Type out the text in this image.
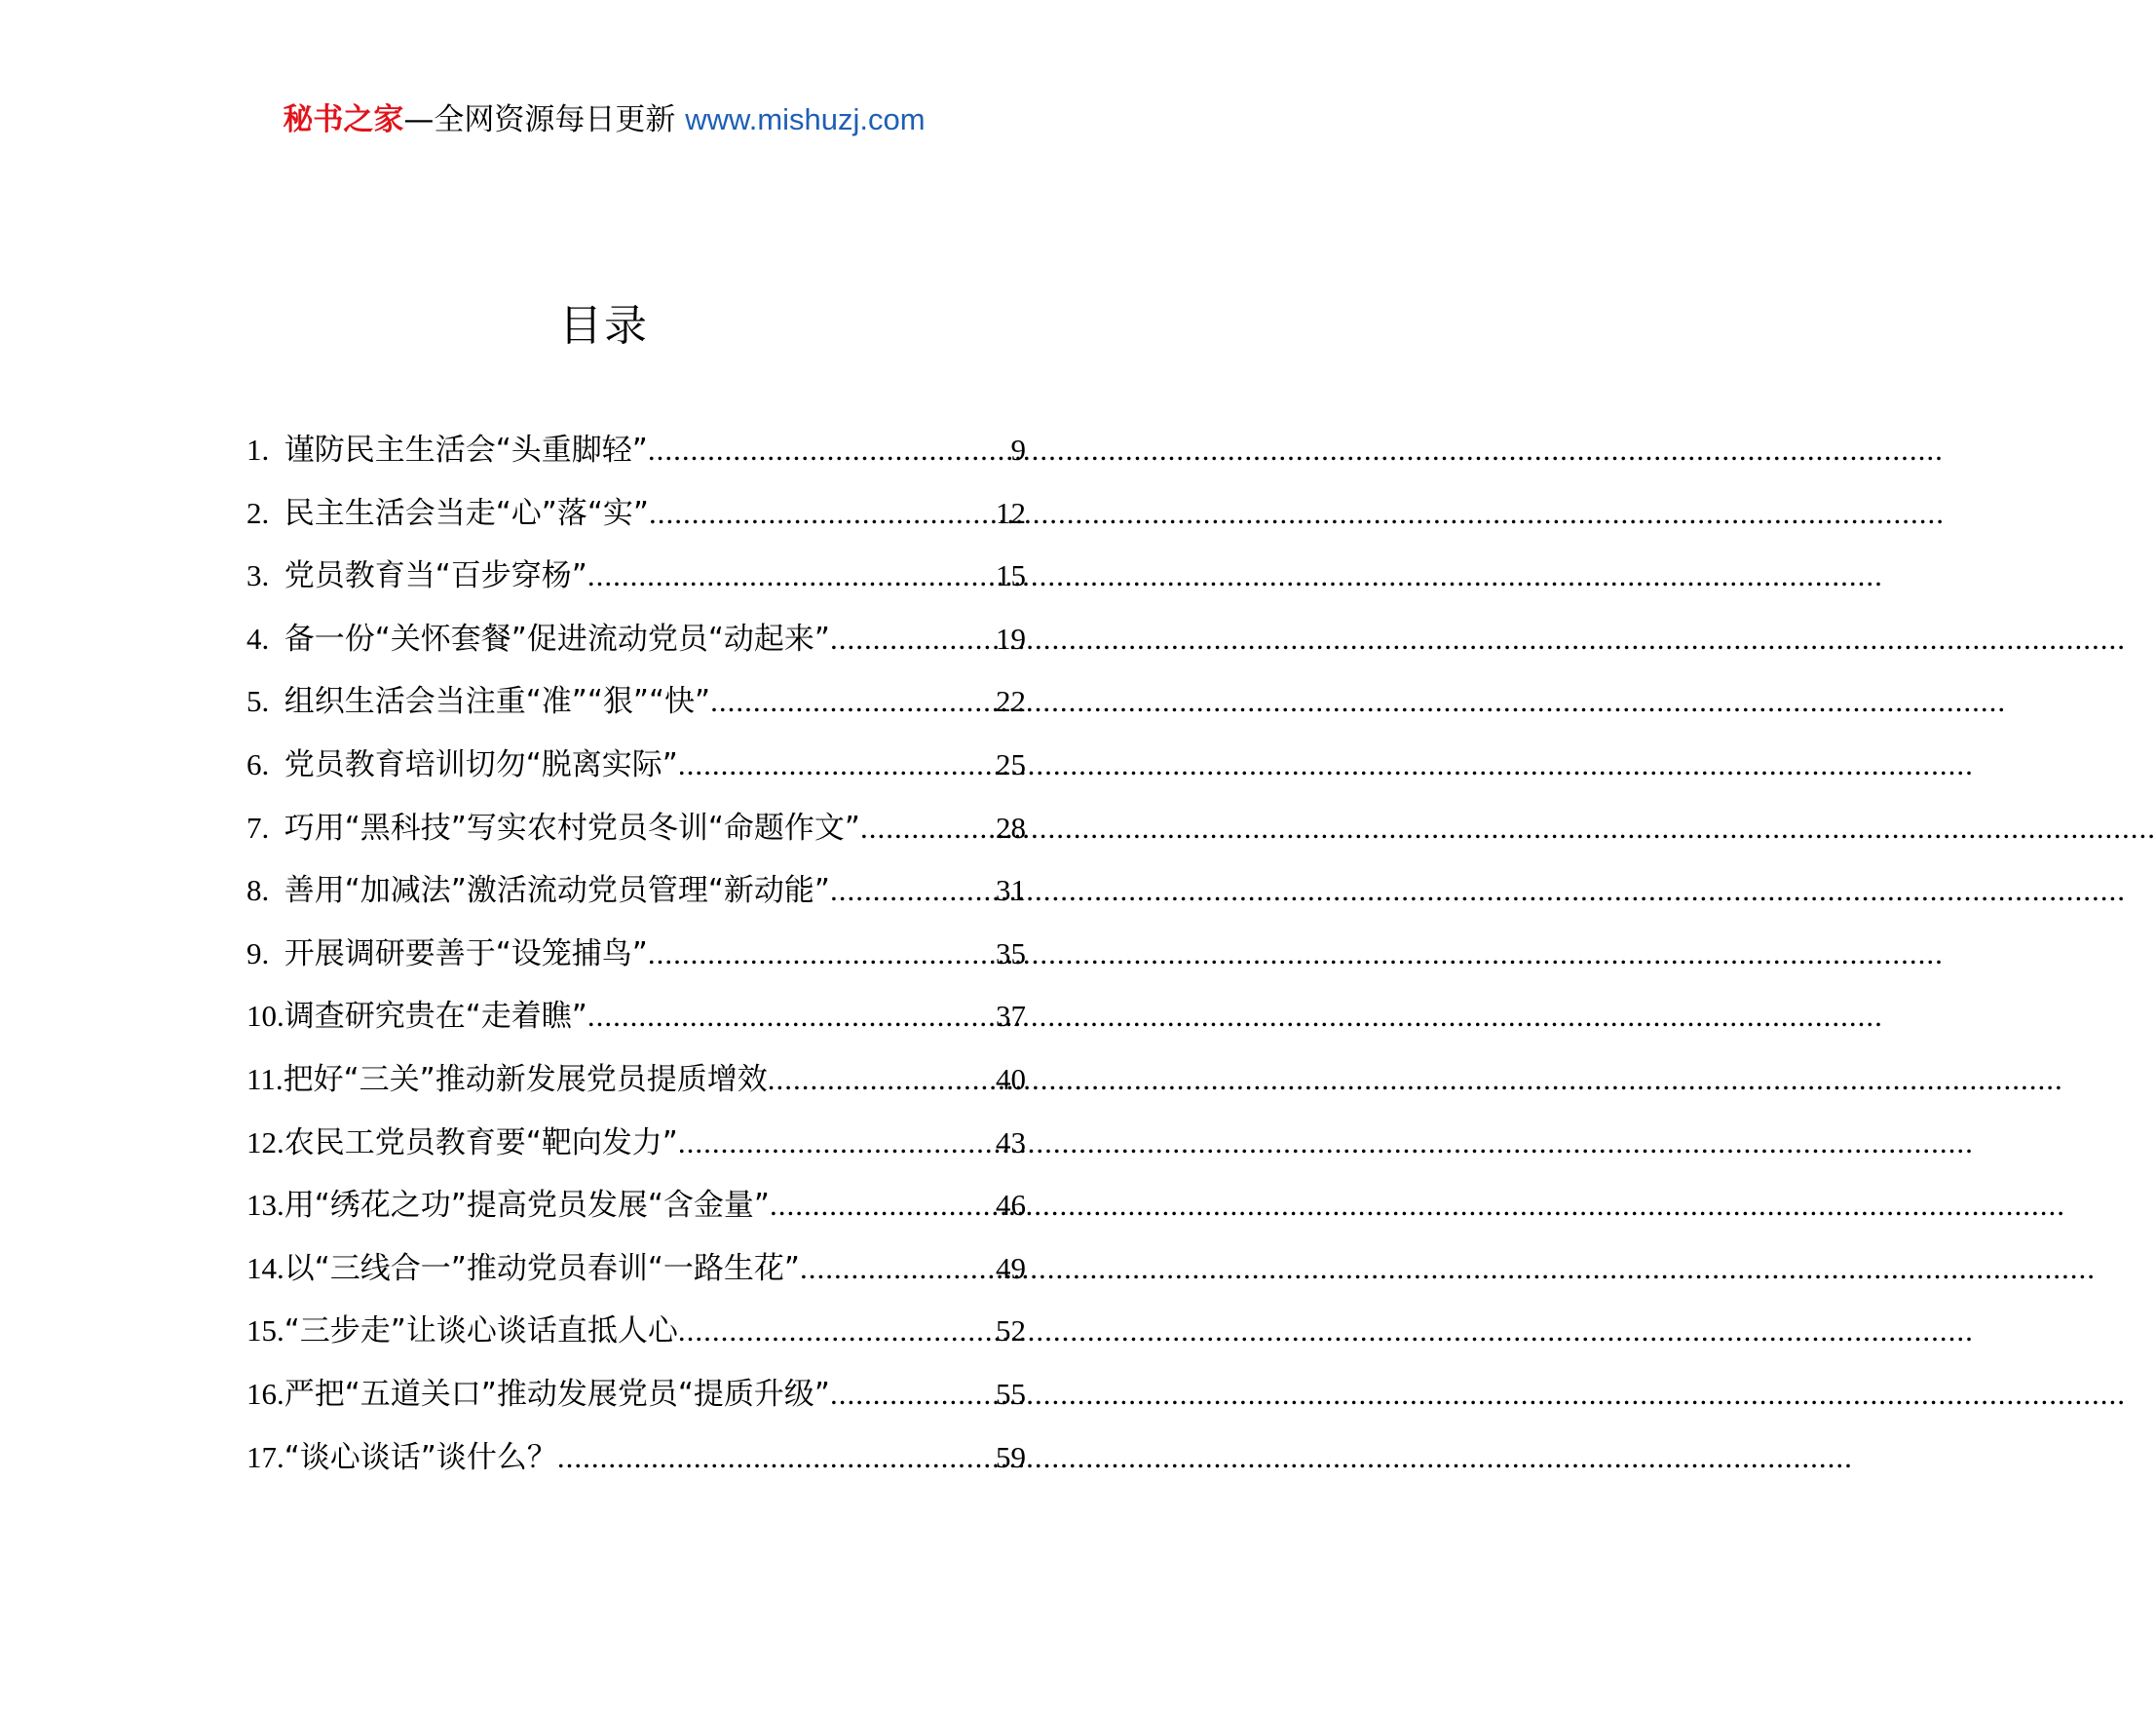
秘书之家—全网资源每日更新 www.mishuzj.com
目录
1. 谨防民主生活会“头重脚轻” .....	9
2. 民主生活会当走“心”落“实” .....	12
3. 党员教育当“百步穿杨” .....	15
4. 备一份“关怀套餐”促进流动党员“动起来” .....	19
5. 组织生活会当注重“准”“狠”“快” .....	22
6. 党员教育培训切勿“脱离实际” .....	25
7. 巧用“黑科技”写实农村党员冬训“命题作文” .....	28
8. 善用“加减法”激活流动党员管理“新动能” .....	31
9. 开展调研要善于“设笼捕鸟” .....	35
10. 调查研究贵在“走着瞧” .....	37
11. 把好“三关”推动新发展党员提质增效 .....	40
12. 农民工党员教育要“靶向发力” .....	43
13. 用“绣花之功”提高党员发展“含金量” .....	46
14. 以“三线合一”推动党员春训“一路生花” .....	49
15. “三步走”让谈心谈话直抵人心 .....	52
16. 严把“五道关口”推动发展党员“提质升级” .....	55
17. “谈心谈话”谈什么？ .....	59
